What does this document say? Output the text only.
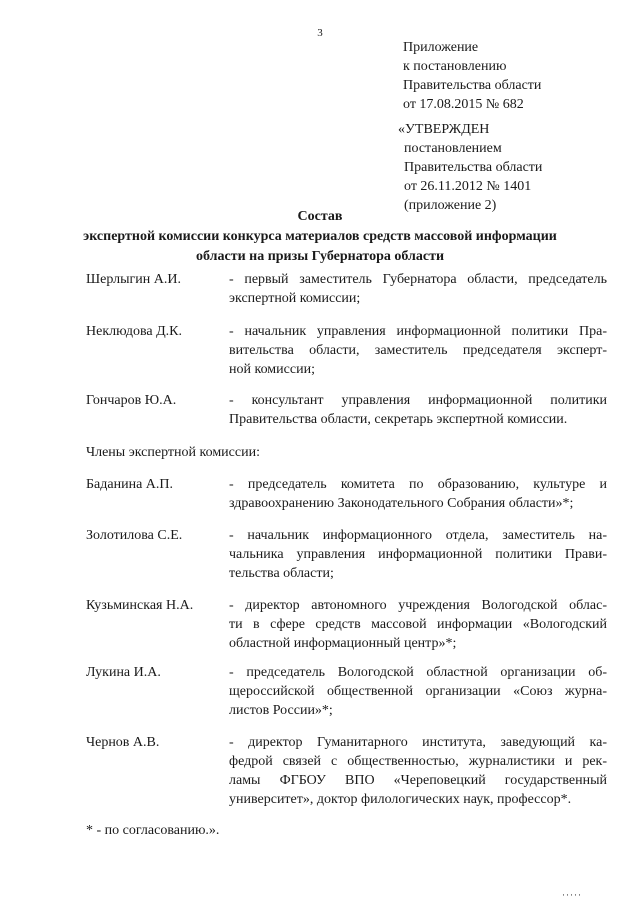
3
Приложение
к постановлению
Правительства области
от 17.08.2015 № 682
«УТВЕРЖДЕН
постановлением
Правительства области
от 26.11.2012 № 1401
(приложение 2)
Состав
экспертной комиссии конкурса материалов средств массовой информации
области на призы Губернатора области
Шерлыгин А.И.	- первый заместитель Губернатора области, председатель
экспертной комиссии;
Неклюдова Д.К.	- начальник управления информационной политики Пра-
вительства области, заместитель председателя эксперт-
ной комиссии;
Гончаров Ю.А.	- консультант управления информационной политики
Правительства области, секретарь экспертной комиссии.
Члены экспертной комиссии:
Баданина А.П.	- председатель комитета по образованию, культуре и
здравоохранению Законодательного Собрания области»*;
Золотилова С.Е.	- начальник информационного отдела, заместитель на-
чальника управления информационной политики Прави-
тельства области;
Кузьминская Н.А.	- директор автономного учреждения Вологодской облас-
ти в сфере средств массовой информации «Вологодский
областной информационный центр»*;
Лукина И.А.	- председатель Вологодской областной организации об-
щероссийской общественной организации «Союз журна-
листов России»*;
Чернов А.В.	- директор Гуманитарного института, заведующий ка-
федрой связей с общественностью, журналистики и рек-
ламы ФГБОУ ВПО «Череповецкий государственный
университет», доктор филологических наук, профессор*.
* - по согласованию.».
·····
